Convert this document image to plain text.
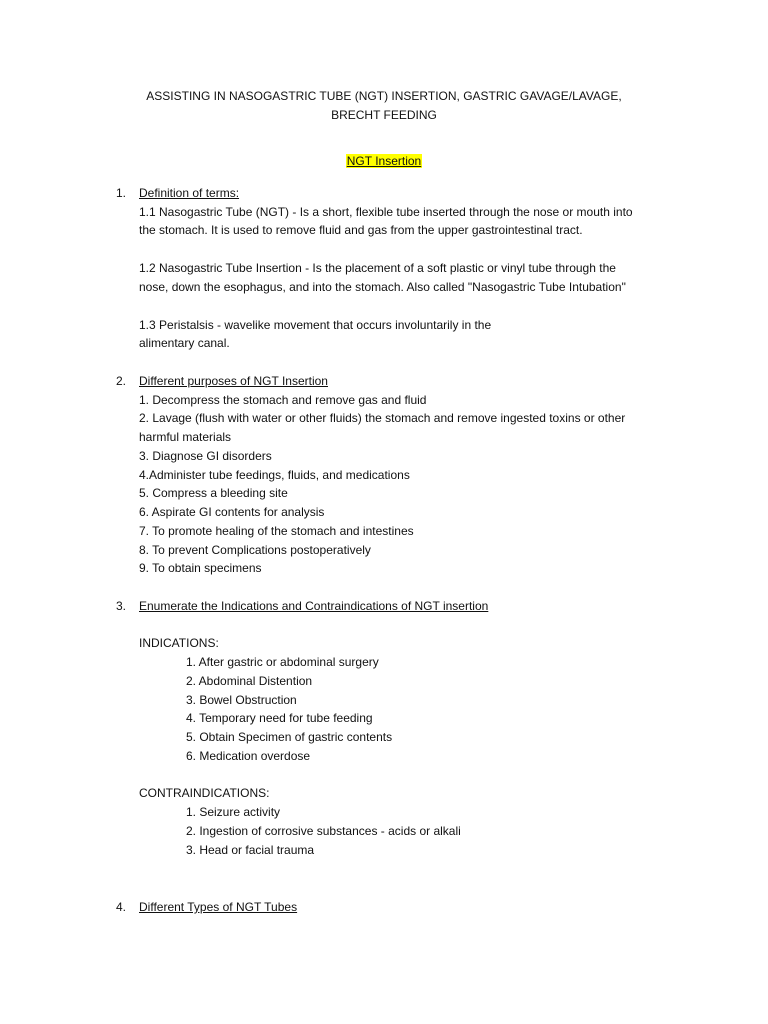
ASSISTING IN NASOGASTRIC TUBE (NGT) INSERTION, GASTRIC GAVAGE/LAVAGE,
BRECHT FEEDING

NGT Insertion

1. Definition of terms:
1.1 Nasogastric Tube (NGT) - Is a short, flexible tube inserted through the nose or mouth into
the stomach. It is used to remove fluid and gas from the upper gastrointestinal tract.
1.2 Nasogastric Tube Insertion - Is the placement of a soft plastic or vinyl tube through the
nose, down the esophagus, and into the stomach. Also called "Nasogastric Tube Intubation"
1.3 Peristalsis - wavelike movement that occurs involuntarily in the
alimentary canal.
2. Different purposes of NGT Insertion
1. Decompress the stomach and remove gas and fluid
2. Lavage (flush with water or other fluids) the stomach and remove ingested toxins or other
harmful materials
3. Diagnose GI disorders
4.Administer tube feedings, fluids, and medications
5. Compress a bleeding site
6. Aspirate GI contents for analysis
7. To promote healing of the stomach and intestines
8. To prevent Complications postoperatively
9. To obtain specimens
3. Enumerate the Indications and Contraindications of NGT insertion
INDICATIONS:
1. After gastric or abdominal surgery
2. Abdominal Distention
3. Bowel Obstruction
4. Temporary need for tube feeding
5. Obtain Specimen of gastric contents
6. Medication overdose
CONTRAINDICATIONS:
1. Seizure activity
2. Ingestion of corrosive substances - acids or alkali
3. Head or facial trauma
4. Different Types of NGT Tubes
